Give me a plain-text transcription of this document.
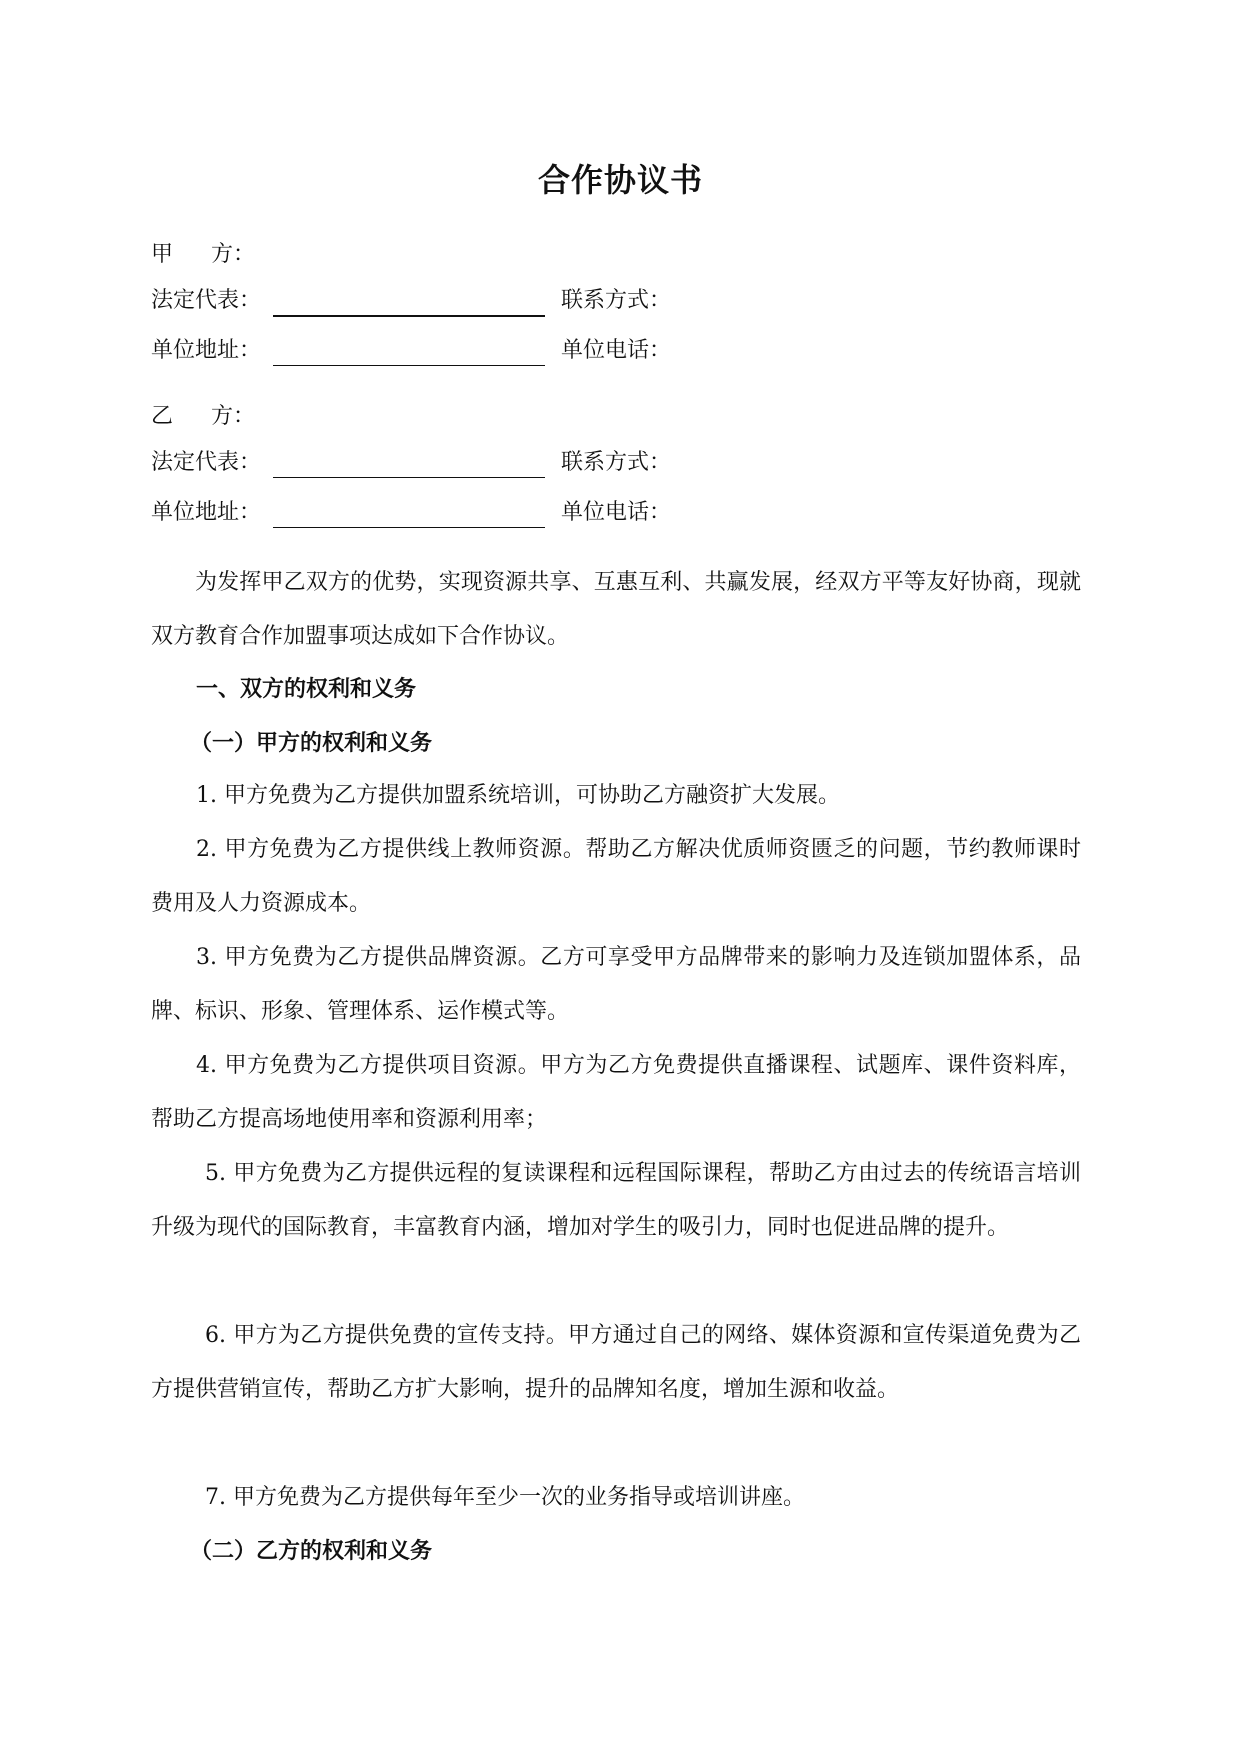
合作协议书
甲	方：
法定代表：	联系方式：
单位地址：	单位电话：
乙	方：
法定代表：	联系方式：
单位地址：	单位电话：
为发挥甲乙双方的优势，实现资源共享、互惠互利、共赢发展，经双方平等友好协商，现就双方教育合作加盟事项达成如下合作协议。
一、双方的权利和义务
（一）甲方的权利和义务
1. 甲方免费为乙方提供加盟系统培训，可协助乙方融资扩大发展。
2. 甲方免费为乙方提供线上教师资源。帮助乙方解决优质师资匮乏的问题，节约教师课时费用及人力资源成本。
3. 甲方免费为乙方提供品牌资源。乙方可享受甲方品牌带来的影响力及连锁加盟体系，品牌、标识、形象、管理体系、运作模式等。
4. 甲方免费为乙方提供项目资源。甲方为乙方免费提供直播课程、试题库、课件资料库，帮助乙方提高场地使用率和资源利用率；
5. 甲方免费为乙方提供远程的复读课程和远程国际课程，帮助乙方由过去的传统语言培训升级为现代的国际教育，丰富教育内涵，增加对学生的吸引力，同时也促进品牌的提升。
6. 甲方为乙方提供免费的宣传支持。甲方通过自己的网络、媒体资源和宣传渠道免费为乙方提供营销宣传，帮助乙方扩大影响，提升的品牌知名度，增加生源和收益。
7. 甲方免费为乙方提供每年至少一次的业务指导或培训讲座。
（二）乙方的权利和义务
